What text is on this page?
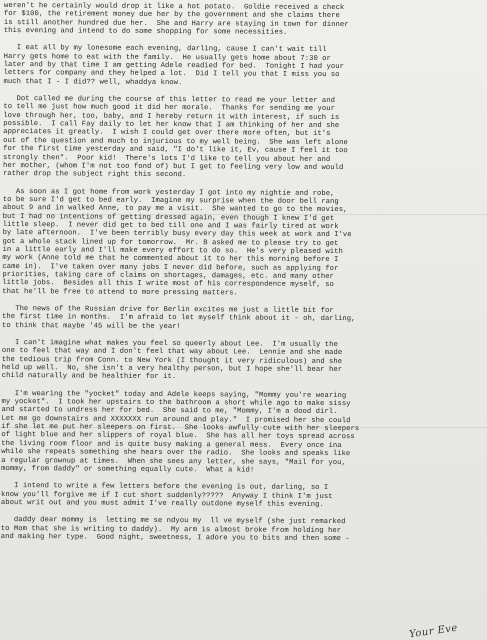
weren't he certainly would drop it like a hot potato.  Goldie received a check
for $100, the retirement money due her by the government and she claims there
is still another hundred due her.  She and Harry are staying in town for dinner
this evening and intend to do some shopping for some necessities.
I eat all by my lonesome each evening, darling, cause I can't wait till
Harry gets home to eat with the family.  He usually gets home about 7:30 or
later and by that time I am getting Adele readied for bed.  Tonight I had your
letters for company and they helped a lot.  Did I tell you that I miss you so
much that I - I did?? well, whaddya know.
Dot called me during the course of this letter to read me your letter and
to tell me just how much good it did her morale.  Thanks for sending me your
love through her, too, baby, and I hereby return it with interest, if such is
possible.  I call Fay daily to let her know that I am thinking of her and she
appreciates it greatly.  I wish I could get over there more often, but it's
out of the question and much to injurious to my well being.  She was left alone
for the first time yesterday and said, "I do't like it, Ev, cause I feel it too
strongly then".  Poor kid!  There's lots I'd like to tell you about her and
her mother, (whom I'm not too fond of) but I get to feeling very low and would
rather drop the subject right this second.
As soon as I got home from work yesterday I got into my nightie and robe,
to be sure I'd get to bed early.  Imagine my surprise when the door bell rang
about 9 and in walked Anne, to pay me a visit.  She wanted to go to the movies,
but I had no intentions of getting dressed again, even though I knew I'd get
little sleep.  I never did get to bed till one and I was fairly tired at work
by late afternoon.  I've been terribly busy every day this week at work and I've
got a whole stack lined up for tomorrow.  Mr. B asked me to please try to get
in a little early and I'll make every effort to do so.  He's very pleased with
my work (Anne told me that he commented about it to her this morning before I
came in).  I've taken over many jobs I never did before, such as applying for
priorities, taking care of claims on shortages, damages, etc. and many other
little jobs.  Besides all this I write most of his correspondence myself, so
that he'll be free to attend to more pressing matters.
The news of the Russian drive for Berlin excites me just a little bit for
the first time in months.  I'm afraid to let myself think about it - oh, darling,
to think that maybe '45 will be the year!
I can't imagine what makes you feel so queerly about Lee.  I'm usually the
one to feel that way and I don't feel that way about Lee.  Lennie and she made
the tedious trip from Conn. to New York (I thought it very ridiculous) and she
held up well.  No, she isn't a very healthy person, but I hope she'll bear her
child naturally and be healthier for it.
I'm wearing the "yocket" today and Adele keeps saying, "Mommy you're wearing
my yocket".  I took her upstairs to the bathroom a short while ago to make sissy
and started to undress her for bed.  She said to me, "Mommy, I'm a dood dirl.
Let me go downstairs and XXXXXXX run around and play."  I promised her she could
if she let me put her sleepers on first.  She looks awfully cute with her sleepers
of light blue and her slippers of royal blue.  She has all her toys spread across
the living room floor and is quite busy making a general mess.  Every once ina
while she repeats something she hears over the radio.  She looks and speaks like
a regular grownup at times.  When she sees any letter, she says, "Mail for you,
mommy, from daddy" or something equally cute.  What a kid!
I intend to write a few letters before the evening is out, darling, so I
know you'll forgive me if I cut short suddenly?????  Anyway I think I'm just
about writ out and you must admit I've really outdone myself this evening.
daddy dear mommy is  letting me se ndyou my  ll ve myself (she just remarked
to Mom that she is writing to daddy).  My arm is almost broke from holding her
and making her type.  Good night, sweetness, I adore you to bits and then some -
Your Eve
